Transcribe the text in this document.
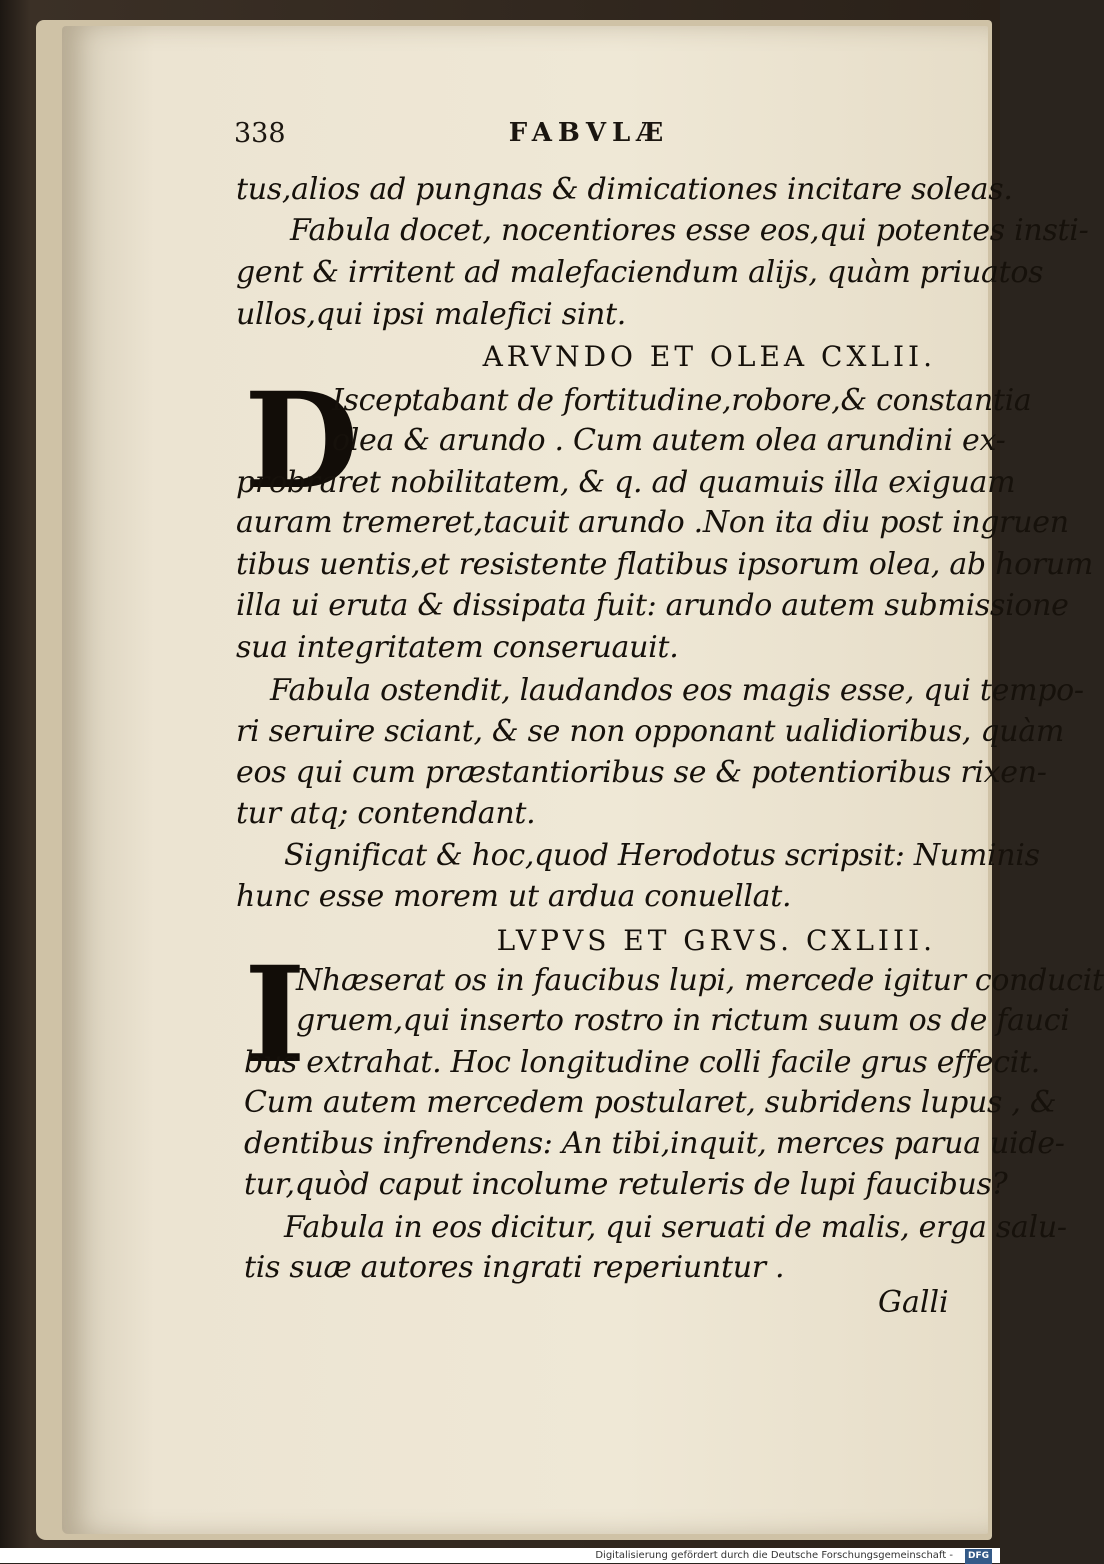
338	FABVLÆ
tus,alios ad pungnas & dimicationes incitare soleas.
Fabula docet, nocentiores esse eos,qui potentes insti-
gent & irritent ad malefaciendum alijs, quàm priuatos
ullos,qui ipsi malefici sint.
ARVNDO ET OLEA CXLII.
D
Isceptabant de fortitudine,robore,& constantia
olea & arundo . Cum autem olea arundini ex-
probraret nobilitatem, & q. ad quamuis illa exiguam
auram tremeret,tacuit arundo .Non ita diu post ingruen
tibus uentis,et resistente flatibus ipsorum olea, ab horum
illa ui eruta & dissipata fuit: arundo autem submissione
sua integritatem conseruauit.
Fabula ostendit, laudandos eos magis esse, qui tempo-
ri seruire sciant, & se non opponant ualidioribus, quàm
eos qui cum præstantioribus se & potentioribus rixen-
tur atq; contendant.
Significat & hoc,quod Herodotus scripsit: Numinis
hunc esse morem ut ardua conuellat.
LVPVS ET GRVS. CXLIII.
I
Nhæserat os in faucibus lupi, mercede igitur conducit
gruem,qui inserto rostro in rictum suum os de fauci
bus extrahat. Hoc longitudine colli facile grus effecit.
Cum autem mercedem postularet, subridens lupus , &
dentibus infrendens: An tibi,inquit, merces parua uide-
tur,quòd caput incolume retuleris de lupi faucibus?
Fabula in eos dicitur, qui seruati de malis, erga salu-
tis suæ autores ingrati reperiuntur .
Galli
Digitalisierung gefördert durch die Deutsche Forschungsgemeinschaft - DFG
